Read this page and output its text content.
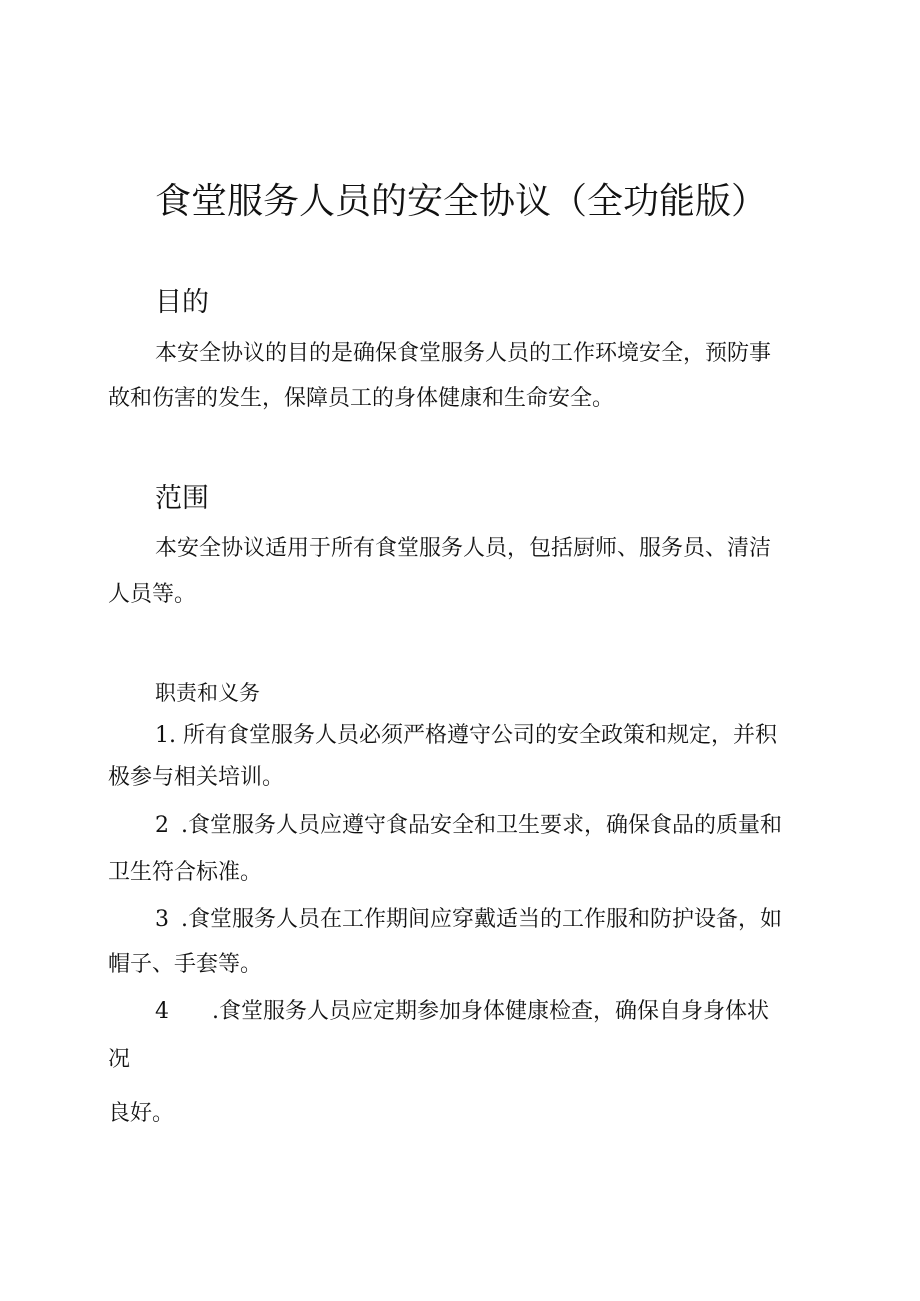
食堂服务人员的安全协议（全功能版）
目的
本安全协议的目的是确保食堂服务人员的工作环境安全，预防事
故和伤害的发生，保障员工的身体健康和生命安全。
范围
本安全协议适用于所有食堂服务人员，包括厨师、服务员、清洁
人员等。
职责和义务
1. 所有食堂服务人员必须严格遵守公司的安全政策和规定，并积
极参与相关培训。
2 .食堂服务人员应遵守食品安全和卫生要求，确保食品的质量和
卫生符合标准。
3 .食堂服务人员在工作期间应穿戴适当的工作服和防护设备，如
帽子、手套等。
4 .食堂服务人员应定期参加身体健康检查，确保自身身体状
况
良好。
